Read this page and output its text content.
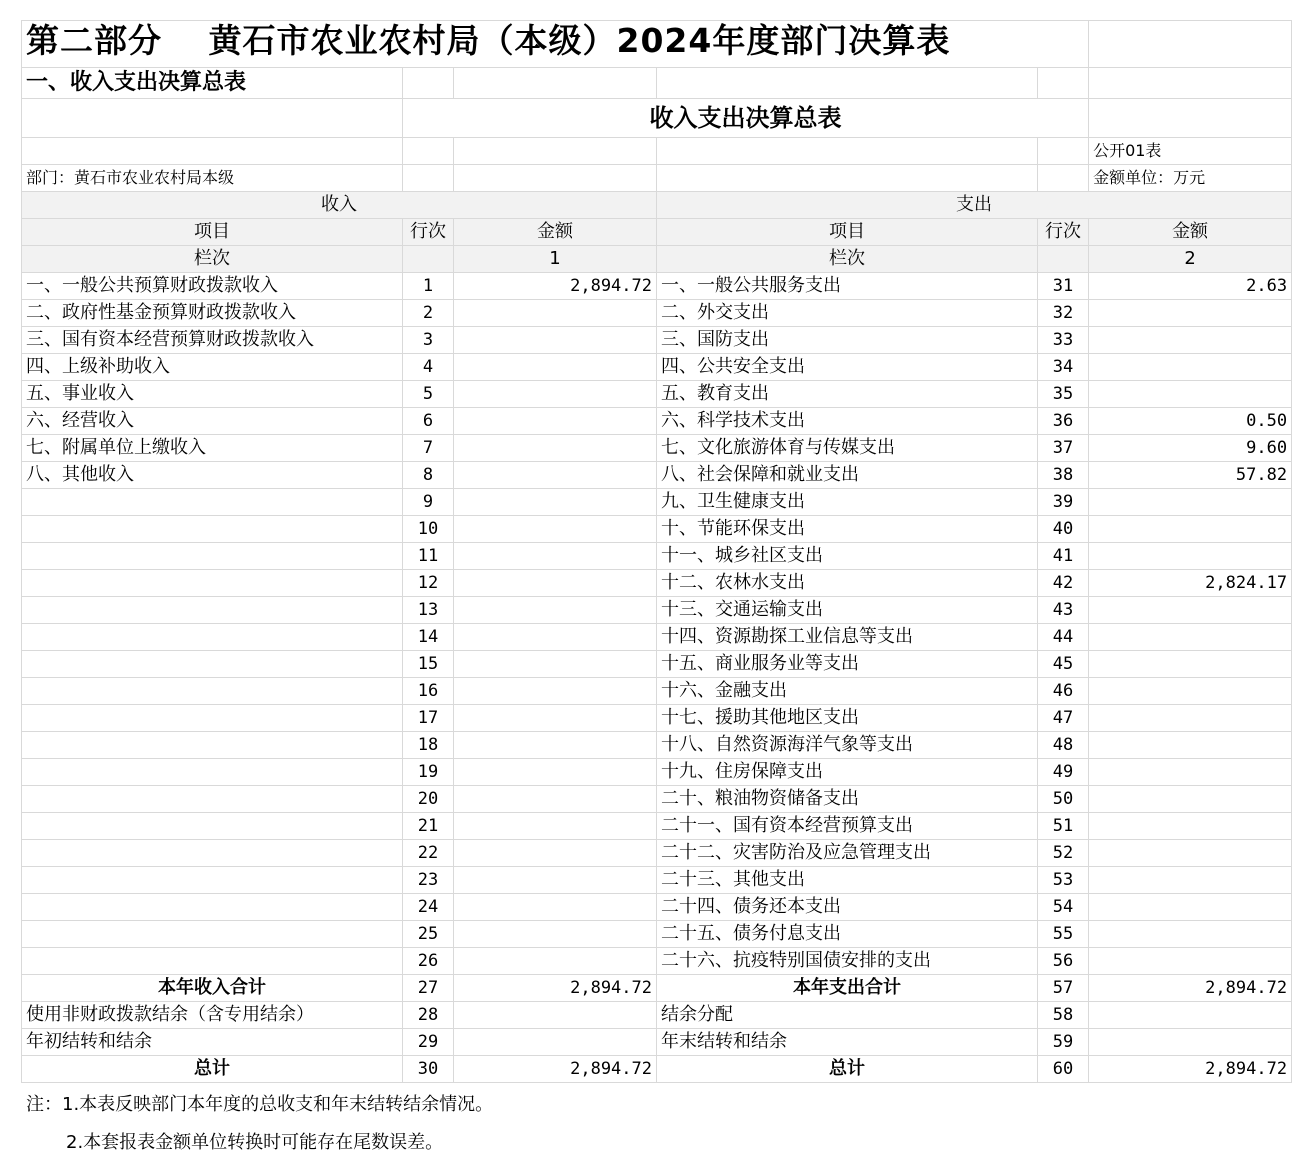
第二部分　 黄石市农业农村局（本级）2024年度部门决算表					
一、收入支出决算总表					
	收入支出决算总表				
					公开01表
部门：黄石市农业农村局本级					金额单位：万元
收入			支出		
项目	行次	金额	项目	行次	金额
栏次		1	栏次		2
一、一般公共预算财政拨款收入	1	2,894.72	一、一般公共服务支出	31	2.63
二、政府性基金预算财政拨款收入	2		二、外交支出	32	
三、国有资本经营预算财政拨款收入	3		三、国防支出	33	
四、上级补助收入	4		四、公共安全支出	34	
五、事业收入	5		五、教育支出	35	
六、经营收入	6		六、科学技术支出	36	0.50
七、附属单位上缴收入	7		七、文化旅游体育与传媒支出	37	9.60
八、其他收入	8		八、社会保障和就业支出	38	57.82
	9		九、卫生健康支出	39	
	10		十、节能环保支出	40	
	11		十一、城乡社区支出	41	
	12		十二、农林水支出	42	2,824.17
	13		十三、交通运输支出	43	
	14		十四、资源勘探工业信息等支出	44	
	15		十五、商业服务业等支出	45	
	16		十六、金融支出	46	
	17		十七、援助其他地区支出	47	
	18		十八、自然资源海洋气象等支出	48	
	19		十九、住房保障支出	49	
	20		二十、粮油物资储备支出	50	
	21		二十一、国有资本经营预算支出	51	
	22		二十二、灾害防治及应急管理支出	52	
	23		二十三、其他支出	53	
	24		二十四、债务还本支出	54	
	25		二十五、债务付息支出	55	
	26		二十六、抗疫特别国债安排的支出	56	
本年收入合计	27	2,894.72	本年支出合计	57	2,894.72
使用非财政拨款结余（含专用结余）	28		结余分配	58	
年初结转和结余	29		年末结转和结余	59	
总计	30	2,894.72	总计	60	2,894.72
注：1.本表反映部门本年度的总收支和年末结转结余情况。
2.本套报表金额单位转换时可能存在尾数误差。
